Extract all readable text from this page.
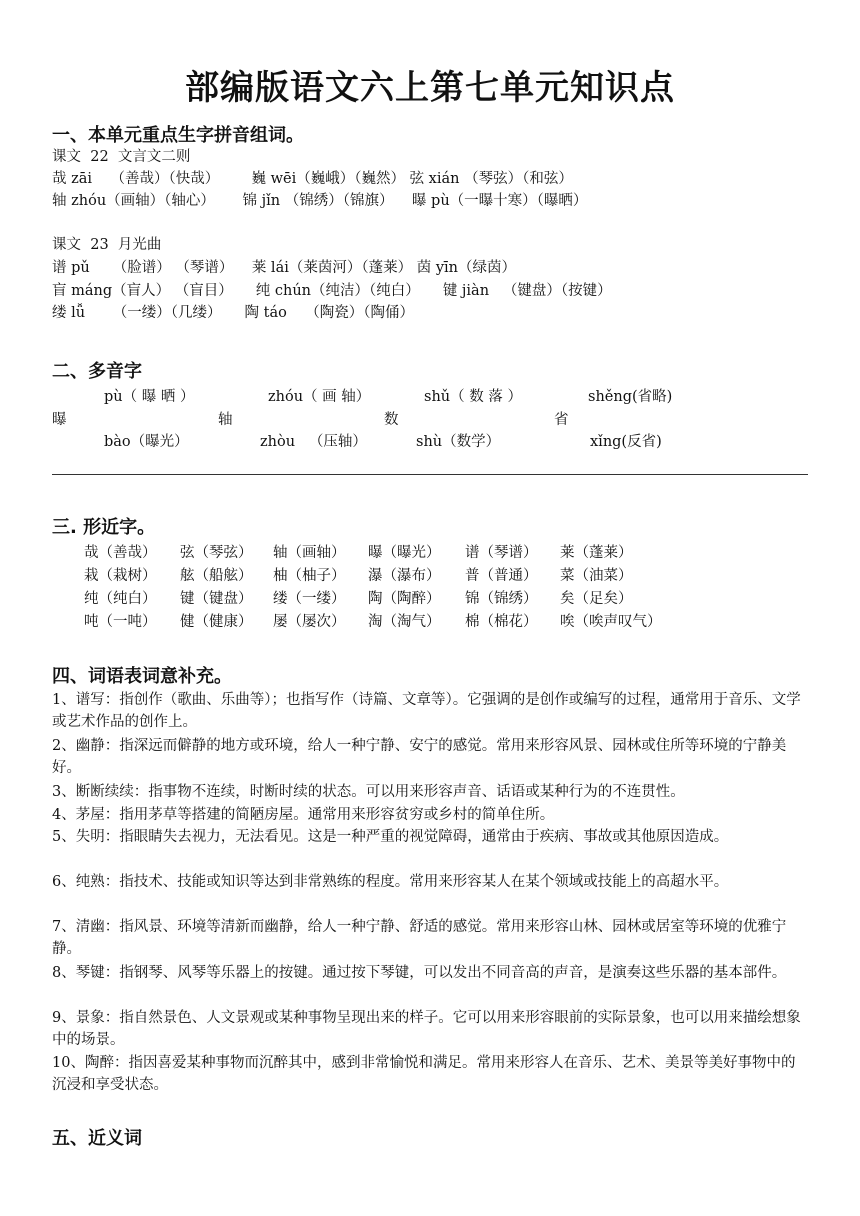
部编版语文六上第七单元知识点
一、本单元重点生字拼音组词。
课文  22  文言文二则
哉 zāi    （善哉）（快哉）       巍 wēi（巍峨）（巍然） 弦 xián （琴弦）（和弦）
轴 zhóu（画轴）（轴心）      锦 jǐn （锦绣）（锦旗）    曝 pù（一曝十寒）（曝晒）
课文  23  月光曲
谱 pǔ     （脸谱） （琴谱）    莱 lái（莱茵河）（蓬莱） 茵 yīn（绿茵）
盲 máng（盲人） （盲目）     纯 chún（纯洁）（纯白）     键 jiàn   （键盘）（按键）
缕 lǚ      （一缕）（几缕）     陶 táo    （陶瓷）（陶俑）
二、多音字
pù（ 曝 晒 ）	zhóu（ 画 轴）	shǔ（ 数 落 ）	shěng(省略)
曝	轴	数	省
bào（曝光）	zhòu   （压轴）	shù（数学）	xǐng(反省)
三. 形近字。
哉（善哉） 弦（琴弦） 轴（画轴） 曝（曝光） 谱（琴谱） 莱（蓬莱）
栽（栽树） 舷（船舷） 柚（柚子） 瀑（瀑布） 普（普通） 菜（油菜）
纯（纯白） 键（键盘） 缕（一缕） 陶（陶醉） 锦（锦绣） 矣（足矣）
吨（一吨） 健（健康） 屡（屡次） 淘（淘气） 棉（棉花） 唉（唉声叹气）
四、词语表词意补充。
1、谱写：指创作（歌曲、乐曲等）；也指写作（诗篇、文章等）。它强调的是创作或编写的过程，通常用于音乐、文学或艺术作品的创作上。
2、幽静：指深远而僻静的地方或环境，给人一种宁静、安宁的感觉。常用来形容风景、园林或住所等环境的宁静美好。
3、断断续续：指事物不连续，时断时续的状态。可以用来形容声音、话语或某种行为的不连贯性。
4、茅屋：指用茅草等搭建的简陋房屋。通常用来形容贫穷或乡村的简单住所。
5、失明：指眼睛失去视力，无法看见。这是一种严重的视觉障碍，通常由于疾病、事故或其他原因造成。
6、纯熟：指技术、技能或知识等达到非常熟练的程度。常用来形容某人在某个领域或技能上的高超水平。
7、清幽：指风景、环境等清新而幽静，给人一种宁静、舒适的感觉。常用来形容山林、园林或居室等环境的优雅宁静。
8、琴键：指钢琴、风琴等乐器上的按键。通过按下琴键，可以发出不同音高的声音，是演奏这些乐器的基本部件。
9、景象：指自然景色、人文景观或某种事物呈现出来的样子。它可以用来形容眼前的实际景象，也可以用来描绘想象中的场景。
10、陶醉：指因喜爱某种事物而沉醉其中，感到非常愉悦和满足。常用来形容人在音乐、艺术、美景等美好事物中的沉浸和享受状态。
五、近义词
